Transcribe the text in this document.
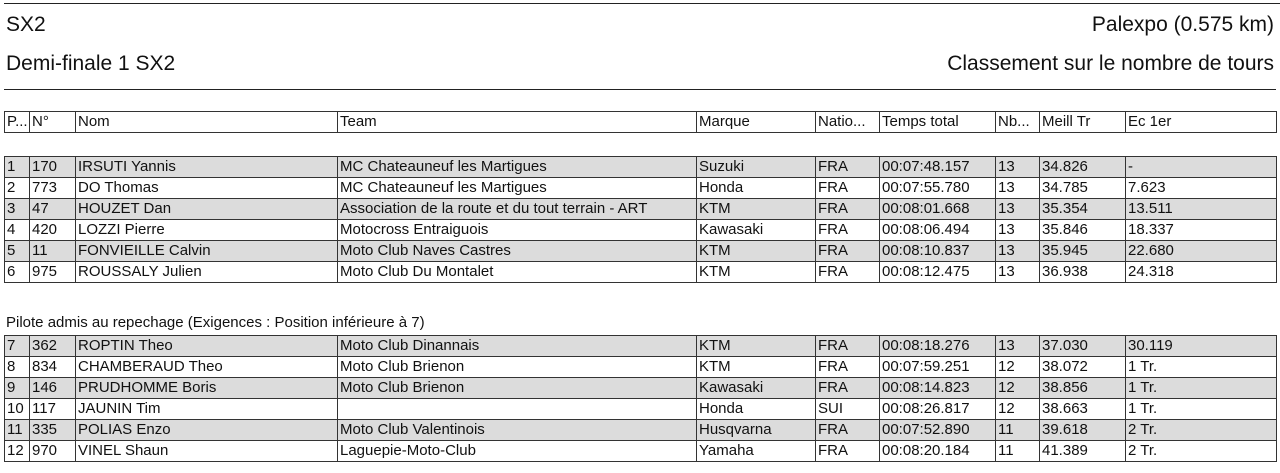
SX2	Palexpo (0.575 km)
Demi-finale 1 SX2	Classement sur le nombre de tours
P...	N°	Nom	Team	Marque	Natio...	Temps total	Nb...	Meill Tr	Ec 1er
1	170	IRSUTI Yannis	MC Chateauneuf les Martigues	Suzuki	FRA	00:07:48.157	13	34.826	-
2	773	DO Thomas	MC Chateauneuf les Martigues	Honda	FRA	00:07:55.780	13	34.785	7.623
3	47	HOUZET Dan	Association de la route et du tout terrain - ART	KTM	FRA	00:08:01.668	13	35.354	13.511
4	420	LOZZI Pierre	Motocross Entraiguois	Kawasaki	FRA	00:08:06.494	13	35.846	18.337
5	11	FONVIEILLE Calvin	Moto Club Naves Castres	KTM	FRA	00:08:10.837	13	35.945	22.680
6	975	ROUSSALY Julien	Moto Club Du Montalet	KTM	FRA	00:08:12.475	13	36.938	24.318
Pilote admis au repechage (Exigences : Position inférieure à 7)
7	362	ROPTIN Theo	Moto Club Dinannais	KTM	FRA	00:08:18.276	13	37.030	30.119
8	834	CHAMBERAUD Theo	Moto Club Brienon	KTM	FRA	00:07:59.251	12	38.072	1 Tr.
9	146	PRUDHOMME Boris	Moto Club Brienon	Kawasaki	FRA	00:08:14.823	12	38.856	1 Tr.
10	117	JAUNIN Tim		Honda	SUI	00:08:26.817	12	38.663	1 Tr.
11	335	POLIAS Enzo	Moto Club Valentinois	Husqvarna	FRA	00:07:52.890	11	39.618	2 Tr.
12	970	VINEL Shaun	Laguepie-Moto-Club	Yamaha	FRA	00:08:20.184	11	41.389	2 Tr.
